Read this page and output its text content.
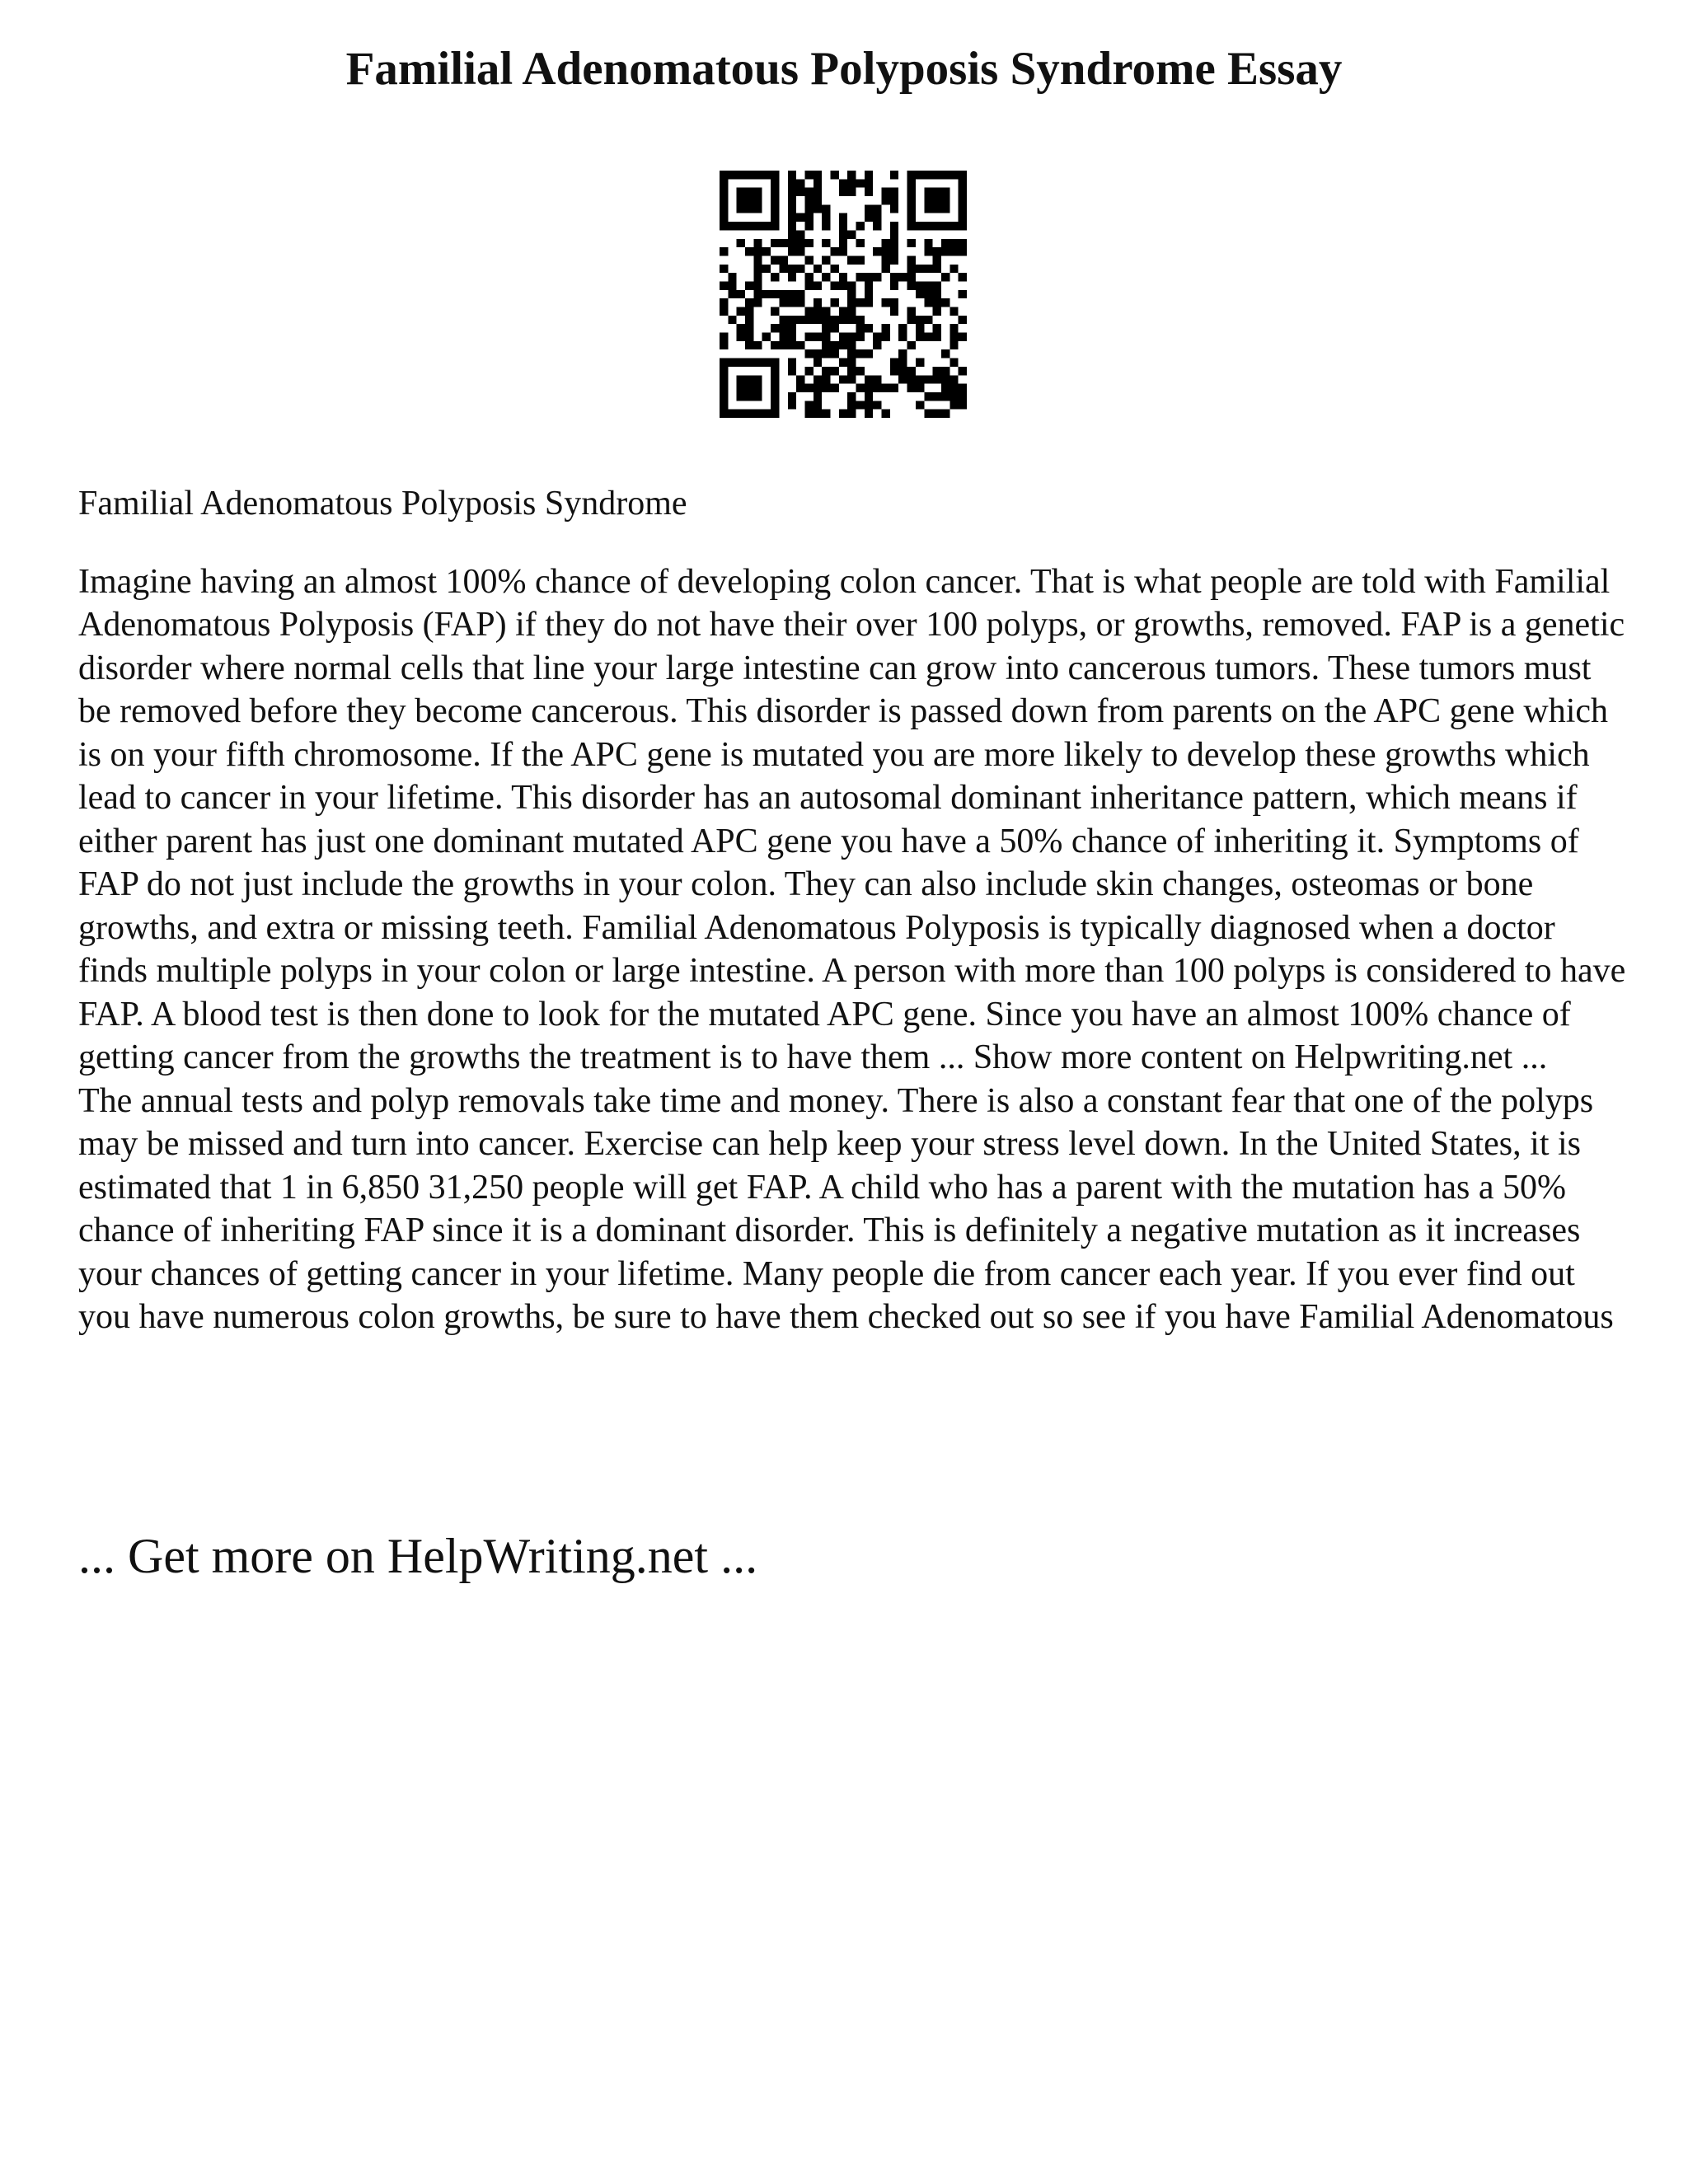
Familial Adenomatous Polyposis Syndrome Essay

Familial Adenomatous Polyposis Syndrome

Imagine having an almost 100% chance of developing colon cancer. That is what people are told with Familial Adenomatous Polyposis (FAP) if they do not have their over 100 polyps, or growths, removed. FAP is a genetic disorder where normal cells that line your large intestine can grow into cancerous tumors. These tumors must be removed before they become cancerous. This disorder is passed down from parents on the APC gene which is on your fifth chromosome. If the APC gene is mutated you are more likely to develop these growths which lead to cancer in your lifetime. This disorder has an autosomal dominant inheritance pattern, which means if either parent has just one dominant mutated APC gene you have a 50% chance of inheriting it. Symptoms of FAP do not just include the growths in your colon. They can also include skin changes, osteomas or bone growths, and extra or missing teeth. Familial Adenomatous Polyposis is typically diagnosed when a doctor finds multiple polyps in your colon or large intestine. A person with more than 100 polyps is considered to have FAP. A blood test is then done to look for the mutated APC gene. Since you have an almost 100% chance of getting cancer from the growths the treatment is to have them ... Show more content on Helpwriting.net ...

The annual tests and polyp removals take time and money. There is also a constant fear that one of the polyps may be missed and turn into cancer. Exercise can help keep your stress level down. In the United States, it is estimated that 1 in 6,850 31,250 people will get FAP. A child who has a parent with the mutation has a 50% chance of inheriting FAP since it is a dominant disorder. This is definitely a negative mutation as it increases your chances of getting cancer in your lifetime. Many people die from cancer each year. If you ever find out you have numerous colon growths, be sure to have them checked out so see if you have Familial Adenomatous

... Get more on HelpWriting.net ...
